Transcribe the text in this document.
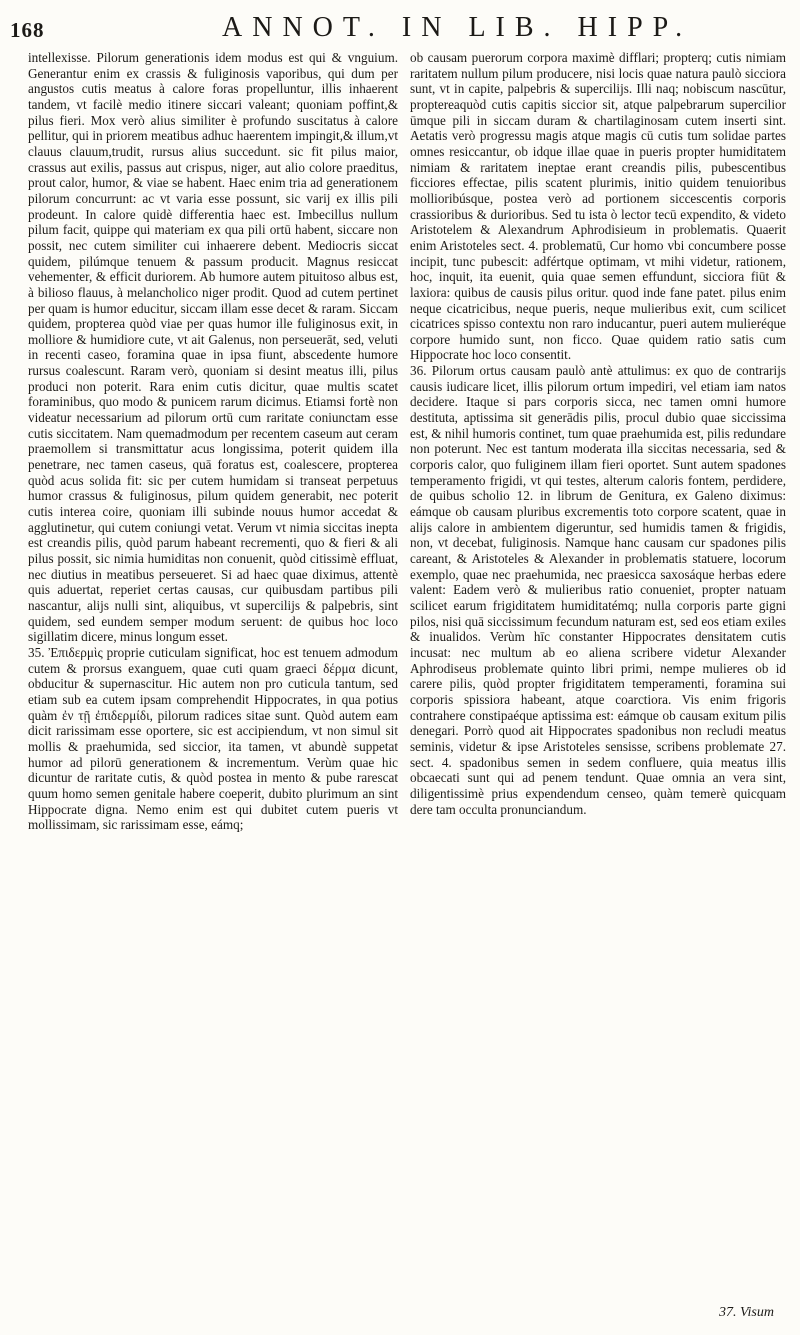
168	ANNOT. IN LIB. HIPP.

intellexisse. Pilorum generationis idem modus est qui & vnguium. Generantur enim ex crassis & fuliginosis vaporibus, qui dum per angustos cutis meatus à calore foras propelluntur, illis inhaerent tandem, vt facilè medio itinere siccari valeant; quoniam poffint,& pilus fieri. Mox verò alius similiter è profundo suscitatus à calore pellitur, qui in priorem meatibus adhuc haerentem impingit,& illum,vt clauus clauum,trudit, rursus alius succedunt. sic fit pilus maior, crassus aut exilis, passus aut crispus, niger, aut alio colore praeditus, prout calor, humor, & viae se habent. Haec enim tria ad generationem pilorum concurrunt: ac vt varia esse possunt, sic varij ex illis pili prodeunt. In calore quidè differentia haec est. Imbecillus nullum pilum facit, quippe qui materiam ex qua pili ortū habent, siccare non possit, nec cutem similiter cui inhaerere debent. Mediocris siccat quidem, pilúmque tenuem & passum producit. Magnus resiccat vehementer, & efficit duriorem. Ab humore autem pituitoso albus est, à bilioso flauus, à melancholico niger prodit. Quod ad cutem pertinet per quam is humor educitur, siccam illam esse decet & raram. Siccam quidem, propterea quòd viae per quas humor ille fuliginosus exit, in molliore & humidiore cute, vt ait Galenus, non perseuerāt, sed, veluti in recenti caseo, foramina quae in ipsa fiunt, abscedente humore rursus coalescunt. Raram verò, quoniam si desint meatus illi, pilus produci non poterit. Rara enim cutis dicitur, quae multis scatet foraminibus, quo modo & punicem rarum dicimus. Etiamsi fortè non videatur necessarium ad pilorum ortū cum raritate coniunctam esse cutis siccitatem. Nam quemadmodum per recentem caseum aut ceram praemollem si transmittatur acus longissima, poterit quidem illa penetrare, nec tamen caseus, quā foratus est, coalescere, propterea quòd acus solida fit: sic per cutem humidam si transeat perpetuus humor crassus & fuliginosus, pilum quidem generabit, nec poterit cutis interea coire, quoniam illi subinde nouus humor accedat & agglutinetur, qui cutem coniungi vetat. Verum vt nimia siccitas inepta est creandis pilis, quòd parum habeant recrementi, quo & fieri & ali pilus possit, sic nimia humiditas non conuenit, quòd citissimè effluat, nec diutius in meatibus perseueret. Si ad haec quae diximus, attentè quis aduertat, reperiet certas causas, cur quibusdam partibus pili nascantur, alijs nulli sint, aliquibus, vt supercilijs & palpebris, sint quidem, sed eundem semper modum seruent: de quibus hoc loco sigillatim dicere, minus longum esset.

35. Ἐπιδερμὶς proprie cuticulam significat, hoc est tenuem admodum cutem & prorsus exanguem, quae cuti quam graeci δέρμα dicunt, obducitur & supernascitur. Hic autem non pro cuticula tantum, sed etiam sub ea cutem ipsam comprehendit Hippocrates, in qua potius quàm ἐν τῇ ἐπιδερμίδι, pilorum radices sitae sunt. Quòd autem eam dicit rarissimam esse oportere, sic est accipiendum, vt non simul sit mollis & praehumida, sed siccior, ita tamen, vt abundè suppetat humor ad pilorū generationem & incrementum. Verùm quae hic dicuntur de raritate cutis, & quòd postea in mento & pube rarescat quum homo semen genitale habere coeperit, dubito plurimum an sint Hippocrate digna. Nemo enim est qui dubitet cutem pueris vt mollissimam, sic rarissimam esse, eámq;

ob causam puerorum corpora maximè difflari; propterq; cutis nimiam raritatem nullum pilum producere, nisi locis quae natura paulò sicciora sunt, vt in capite, palpebris & supercilijs. Illi naq; nobiscum nascūtur, proptereaquòd cutis capitis siccior sit, atque palpebrarum supercilior ūmque pili in siccam duram & chartilaginosam cutem inserti sint. Aetatis verò progressu magis atque magis cū cutis tum solidae partes omnes resiccantur, ob idque illae quae in pueris propter humiditatem nimiam & raritatem ineptae erant creandis pilis, pubescentibus ficciores effectae, pilis scatent plurimis, initio quidem tenuioribus mollioribúsque, postea verò ad portionem siccescentis corporis crassioribus & durioribus. Sed tu ista ò lector tecū expendito, & videto Aristotelem & Alexandrum Aphrodisieum in problematis. Quaerit enim Aristoteles sect. 4. problematū, Cur homo vbi concumbere posse incipit, tunc pubescit: adfértque optimam, vt mihi videtur, rationem, hoc, inquit, ita euenit, quia quae semen effundunt, sicciora fiūt & laxiora: quibus de causis pilus oritur. quod inde fane patet. pilus enim neque cicatricibus, neque pueris, neque mulieribus exit, cum scilicet cicatrices spisso contextu non raro inducantur, pueri autem mulieréque corpore humido sunt, non ficco. Quae quidem ratio satis cum Hippocrate hoc loco consentit.

36. Pilorum ortus causam paulò antè attulimus: ex quo de contrarijs causis iudicare licet, illis pilorum ortum impediri, vel etiam iam natos decidere. Itaque si pars corporis sicca, nec tamen omni humore destituta, aptissima sit generādis pilis, procul dubio quae siccissima est, & nihil humoris continet, tum quae praehumida est, pilis redundare non poterunt. Nec est tantum moderata illa siccitas necessaria, sed & corporis calor, quo fuliginem illam fieri oportet. Sunt autem spadones temperamento frigidi, vt qui testes, alterum caloris fontem, perdidere, de quibus scholio 12. in librum de Genitura, ex Galeno diximus: eámque ob causam pluribus excrementis toto corpore scatent, quae in alijs calore in ambientem digeruntur, sed humidis tamen & frigidis, non, vt decebat, fuliginosis. Namque hanc causam cur spadones pilis careant, & Aristoteles & Alexander in problematis statuere, locorum exemplo, quae nec praehumida, nec praesicca saxosáque herbas edere valent: Eadem verò & mulieribus ratio conueniet, propter natuam scilicet earum frigiditatem humiditatémq; nulla corporis parte gigni pilos, nisi quā siccissimum fecundum naturam est, sed eos etiam exiles & inualidos. Verùm hīc constanter Hippocrates densitatem cutis incusat: nec multum ab eo aliena scribere videtur Alexander Aphrodiseus problemate quinto libri primi, nempe mulieres ob id carere pilis, quòd propter frigiditatem temperamenti, foramina sui corporis spissiora habeant, atque coarctiora. Vis enim frigoris contrahere constipaéque aptissima est: eámque ob causam exitum pilis denegari. Porrò quod ait Hippocrates spadonibus non recludi meatus seminis, videtur & ipse Aristoteles sensisse, scribens problemate 27. sect. 4. spadonibus semen in sedem confluere, quia meatus illis obcaecati sunt qui ad penem tendunt. Quae omnia an vera sint, diligentissimè prius expendendum censeo, quàm temerè quicquam dere tam occulta pronunciandum.

37. Visum
